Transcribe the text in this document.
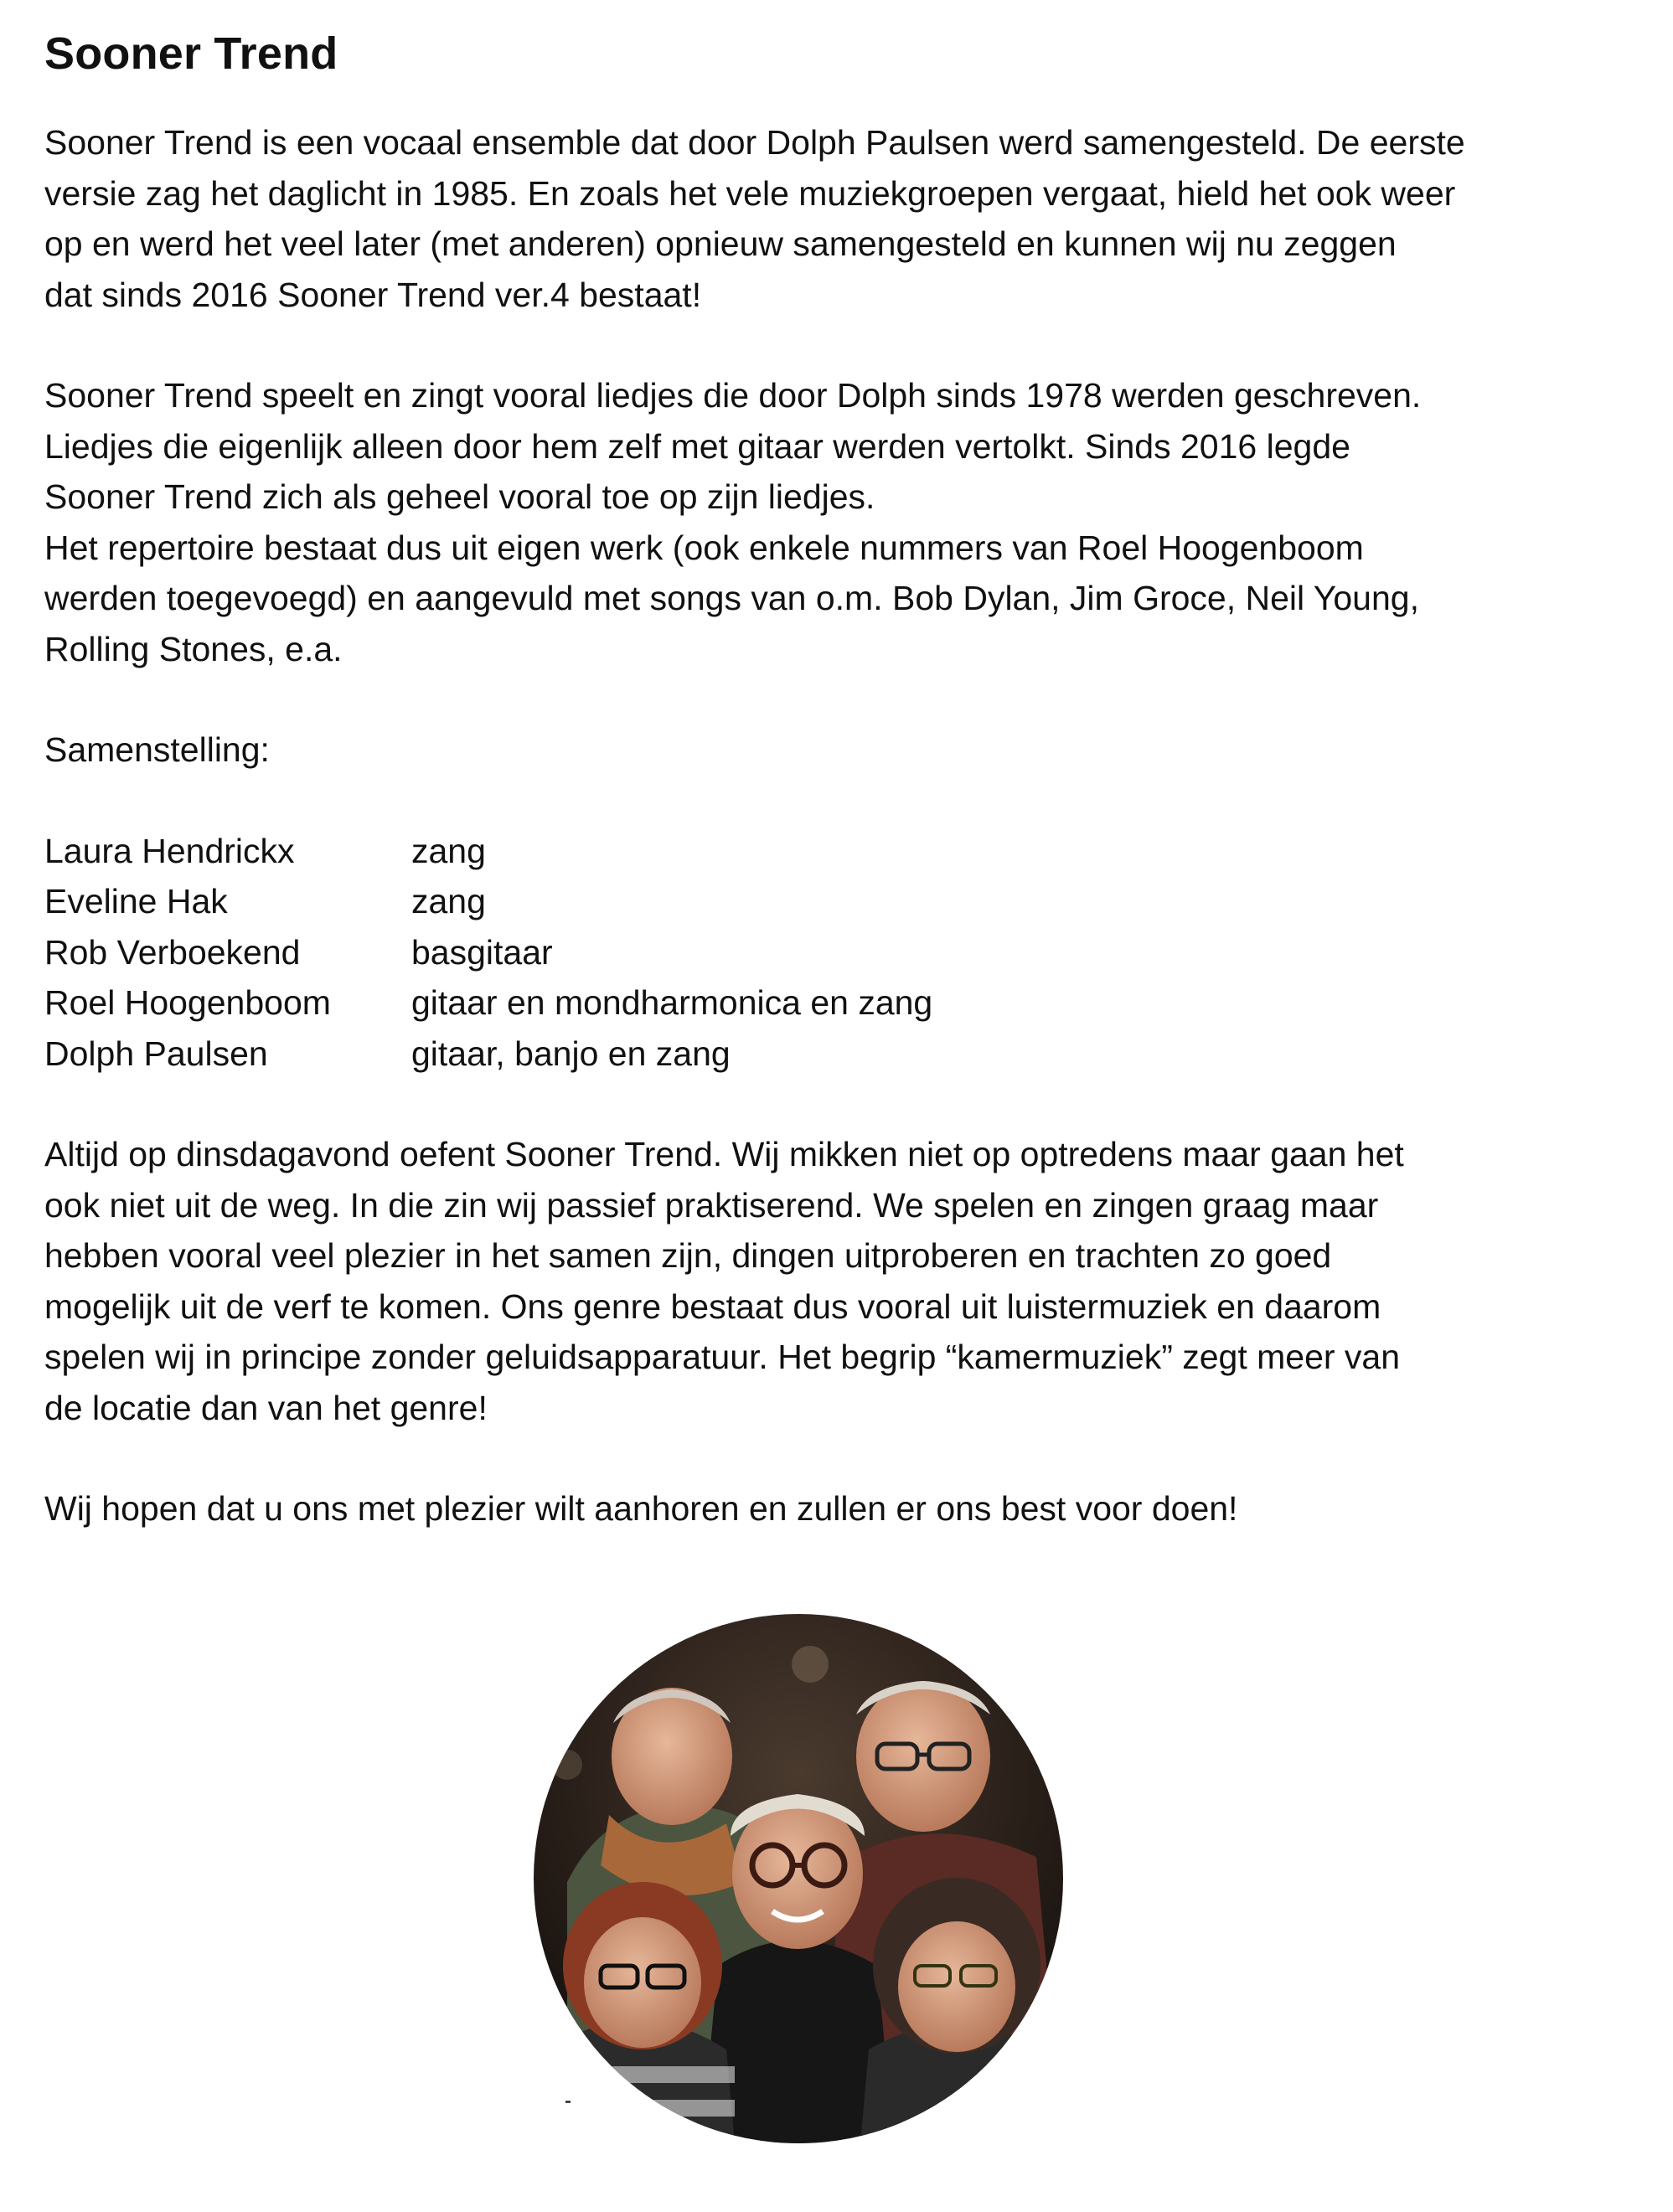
Sooner Trend

Sooner Trend is een vocaal ensemble dat door Dolph Paulsen werd samengesteld. De eerste
versie zag het daglicht in 1985. En zoals het vele muziekgroepen vergaat, hield het ook weer
op en werd het veel later (met anderen) opnieuw samengesteld en kunnen wij nu zeggen
dat sinds 2016 Sooner Trend ver.4 bestaat!

Sooner Trend speelt en zingt vooral liedjes die door Dolph sinds 1978 werden geschreven.
Liedjes die eigenlijk alleen door hem zelf met gitaar werden vertolkt. Sinds 2016 legde
Sooner Trend zich als geheel vooral toe op zijn liedjes.
Het repertoire bestaat dus uit eigen werk (ook enkele nummers van Roel Hoogenboom
werden toegevoegd) en aangevuld met songs van o.m. Bob Dylan, Jim Groce, Neil Young,
Rolling Stones, e.a.

Samenstelling:

Laura Hendrickx	zang
Eveline Hak	zang
Rob Verboekend	basgitaar
Roel Hoogenboom	gitaar en mondharmonica en zang
Dolph Paulsen	gitaar, banjo en zang

Altijd op dinsdagavond oefent Sooner Trend. Wij mikken niet op optredens maar gaan het
ook niet uit de weg. In die zin wij passief praktiserend. We spelen en zingen graag maar
hebben vooral veel plezier in het samen zijn, dingen uitproberen en trachten zo goed
mogelijk uit de verf te komen. Ons genre bestaat dus vooral uit luistermuziek en daarom
spelen wij in principe zonder geluidsapparatuur. Het begrip “kamermuziek” zegt meer van
de locatie dan van het genre!

Wij hopen dat u ons met plezier wilt aanhoren en zullen er ons best voor doen!
